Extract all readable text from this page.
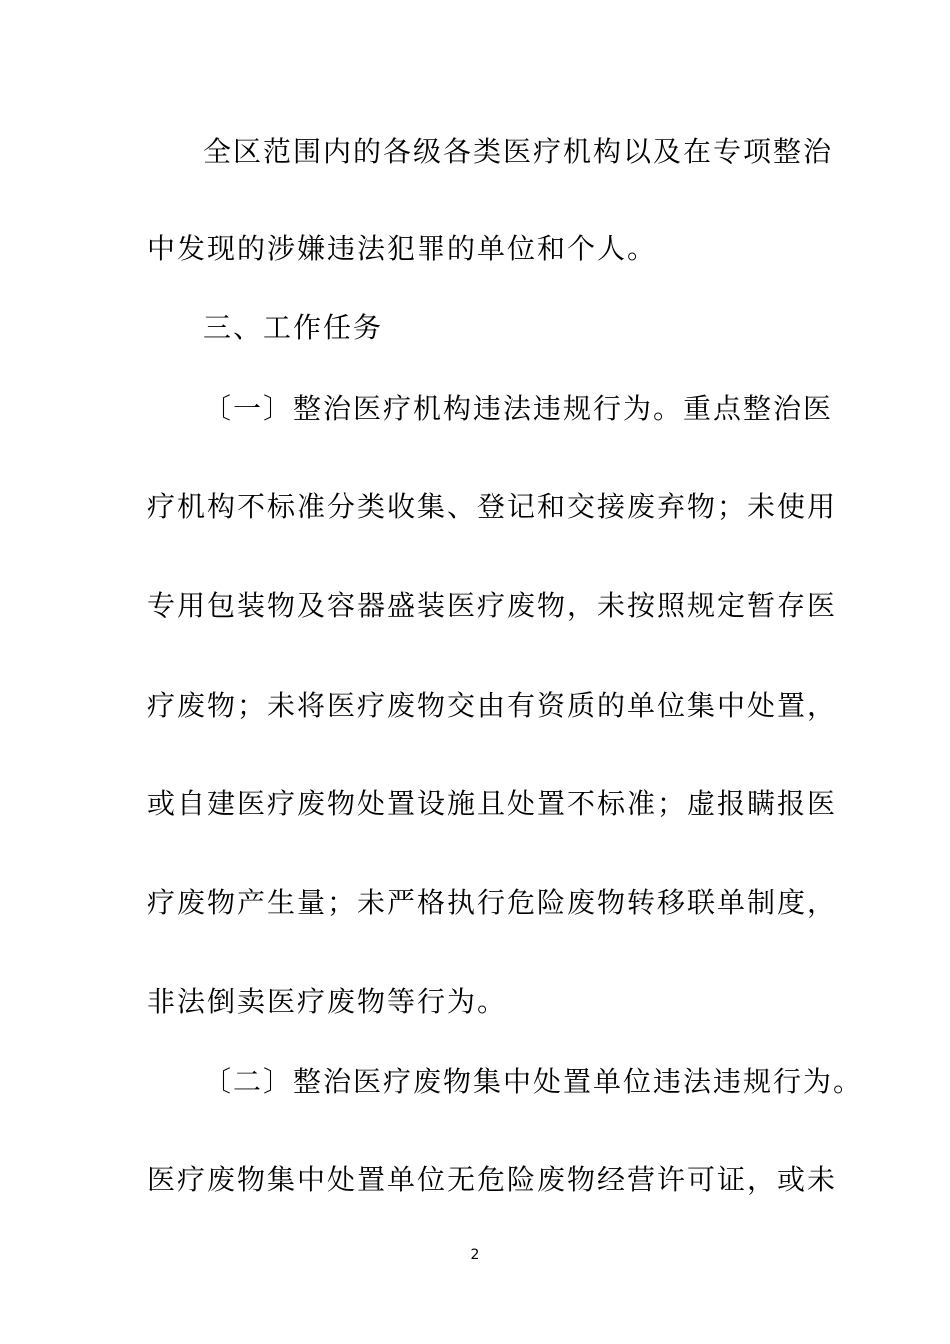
全区范围内的各级各类医疗机构以及在专项整治
中发现的涉嫌违法犯罪的单位和个人。
三、工作任务
〔一〕整治医疗机构违法违规行为。重点整治医
疗机构不标准分类收集、登记和交接废弃物；未使用
专用包装物及容器盛装医疗废物，未按照规定暂存医
疗废物；未将医疗废物交由有资质的单位集中处置，
或自建医疗废物处置设施且处置不标准；虚报瞒报医
疗废物产生量；未严格执行危险废物转移联单制度，
非法倒卖医疗废物等行为。
〔二〕整治医疗废物集中处置单位违法违规行为。
医疗废物集中处置单位无危险废物经营许可证，或未
2
